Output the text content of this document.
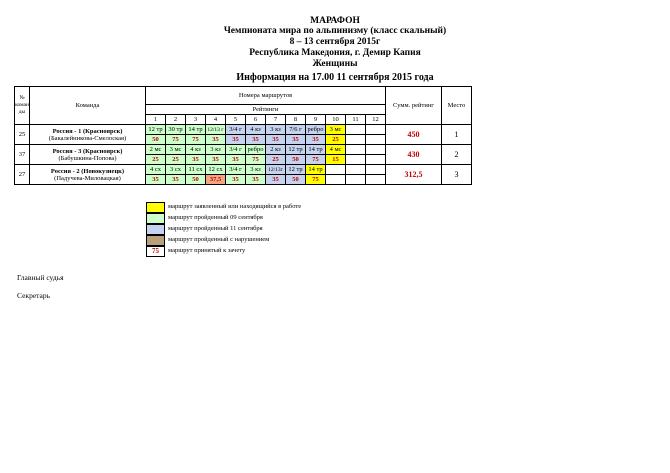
МАРАФОН
Чемпионата мира по альпинизму (класс скальный)
8 – 13 сентября 2015г
Республика Македония, г. Демир Капия
Женщины
Информация на 17.00 11 сентября 2015 года
№ коман ды	Команда	Номера маршрутов												Сумм. рейтинг	Место
		Рейтинги													
		1	2	3	4	5	6	7	8	9	10	11	12		
25	Россия - 1 (Красноярск)
(Бакалейникова-Смелоская)	12 тр	30 тр	14 тр	12/13 г	3/4 г	4 кз	3 кз	7/6 г	ребро	3 мс			450	1
		50	75	75	35	35	35	35	35	35	25				
37	Россия - 3 (Красноярск)
(Бабушкина-Попова)	2 мс	3 мс	4 кз	3 кз	3/4 г	ребро	2 кз	12 тр	14 тр	4 мс			430	2
		25	25	35	35	35	75	25	50	75	15				
27	Россия - 2 (Новокузнецк)
(Падучева-Миловацкая)	4 сх	3 сх	11 сх	12 сх	3/4 г	3 кз	12/13г	12 тр	14 тр				312,5	3
		35	35	50	37,5	35	35	35	50	75					
маршрут заявленный или находящийся в работе
маршрут пройденный 09 сентября
маршрут пройденный 11 сентября
маршрут пройденный с нарушением
75	маршрут принятый к зачету
Главный судья
Секретарь
